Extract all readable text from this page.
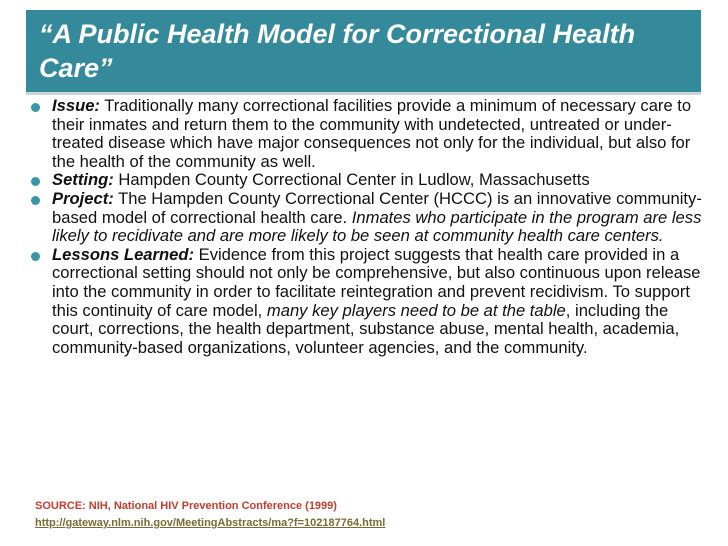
“A Public Health Model for Correctional Health Care”
Issue: Traditionally many correctional facilities provide a minimum of necessary care to their inmates and return them to the community with undetected, untreated or under-treated disease which have major consequences not only for the individual, but also for the health of the community as well.
Setting: Hampden County Correctional Center in Ludlow, Massachusetts
Project: The Hampden County Correctional Center (HCCC) is an innovative community-based model of correctional health care. Inmates who participate in the program are less likely to recidivate and are more likely to be seen at community health care centers.
Lessons Learned: Evidence from this project suggests that health care provided in a correctional setting should not only be comprehensive, but also continuous upon release into the community in order to facilitate reintegration and prevent recidivism. To support this continuity of care model, many key players need to be at the table, including the court, corrections, the health department, substance abuse, mental health, academia, community-based organizations, volunteer agencies, and the community.
SOURCE: NIH, National HIV Prevention Conference (1999)
http://gateway.nlm.nih.gov/MeetingAbstracts/ma?f=102187764.html
